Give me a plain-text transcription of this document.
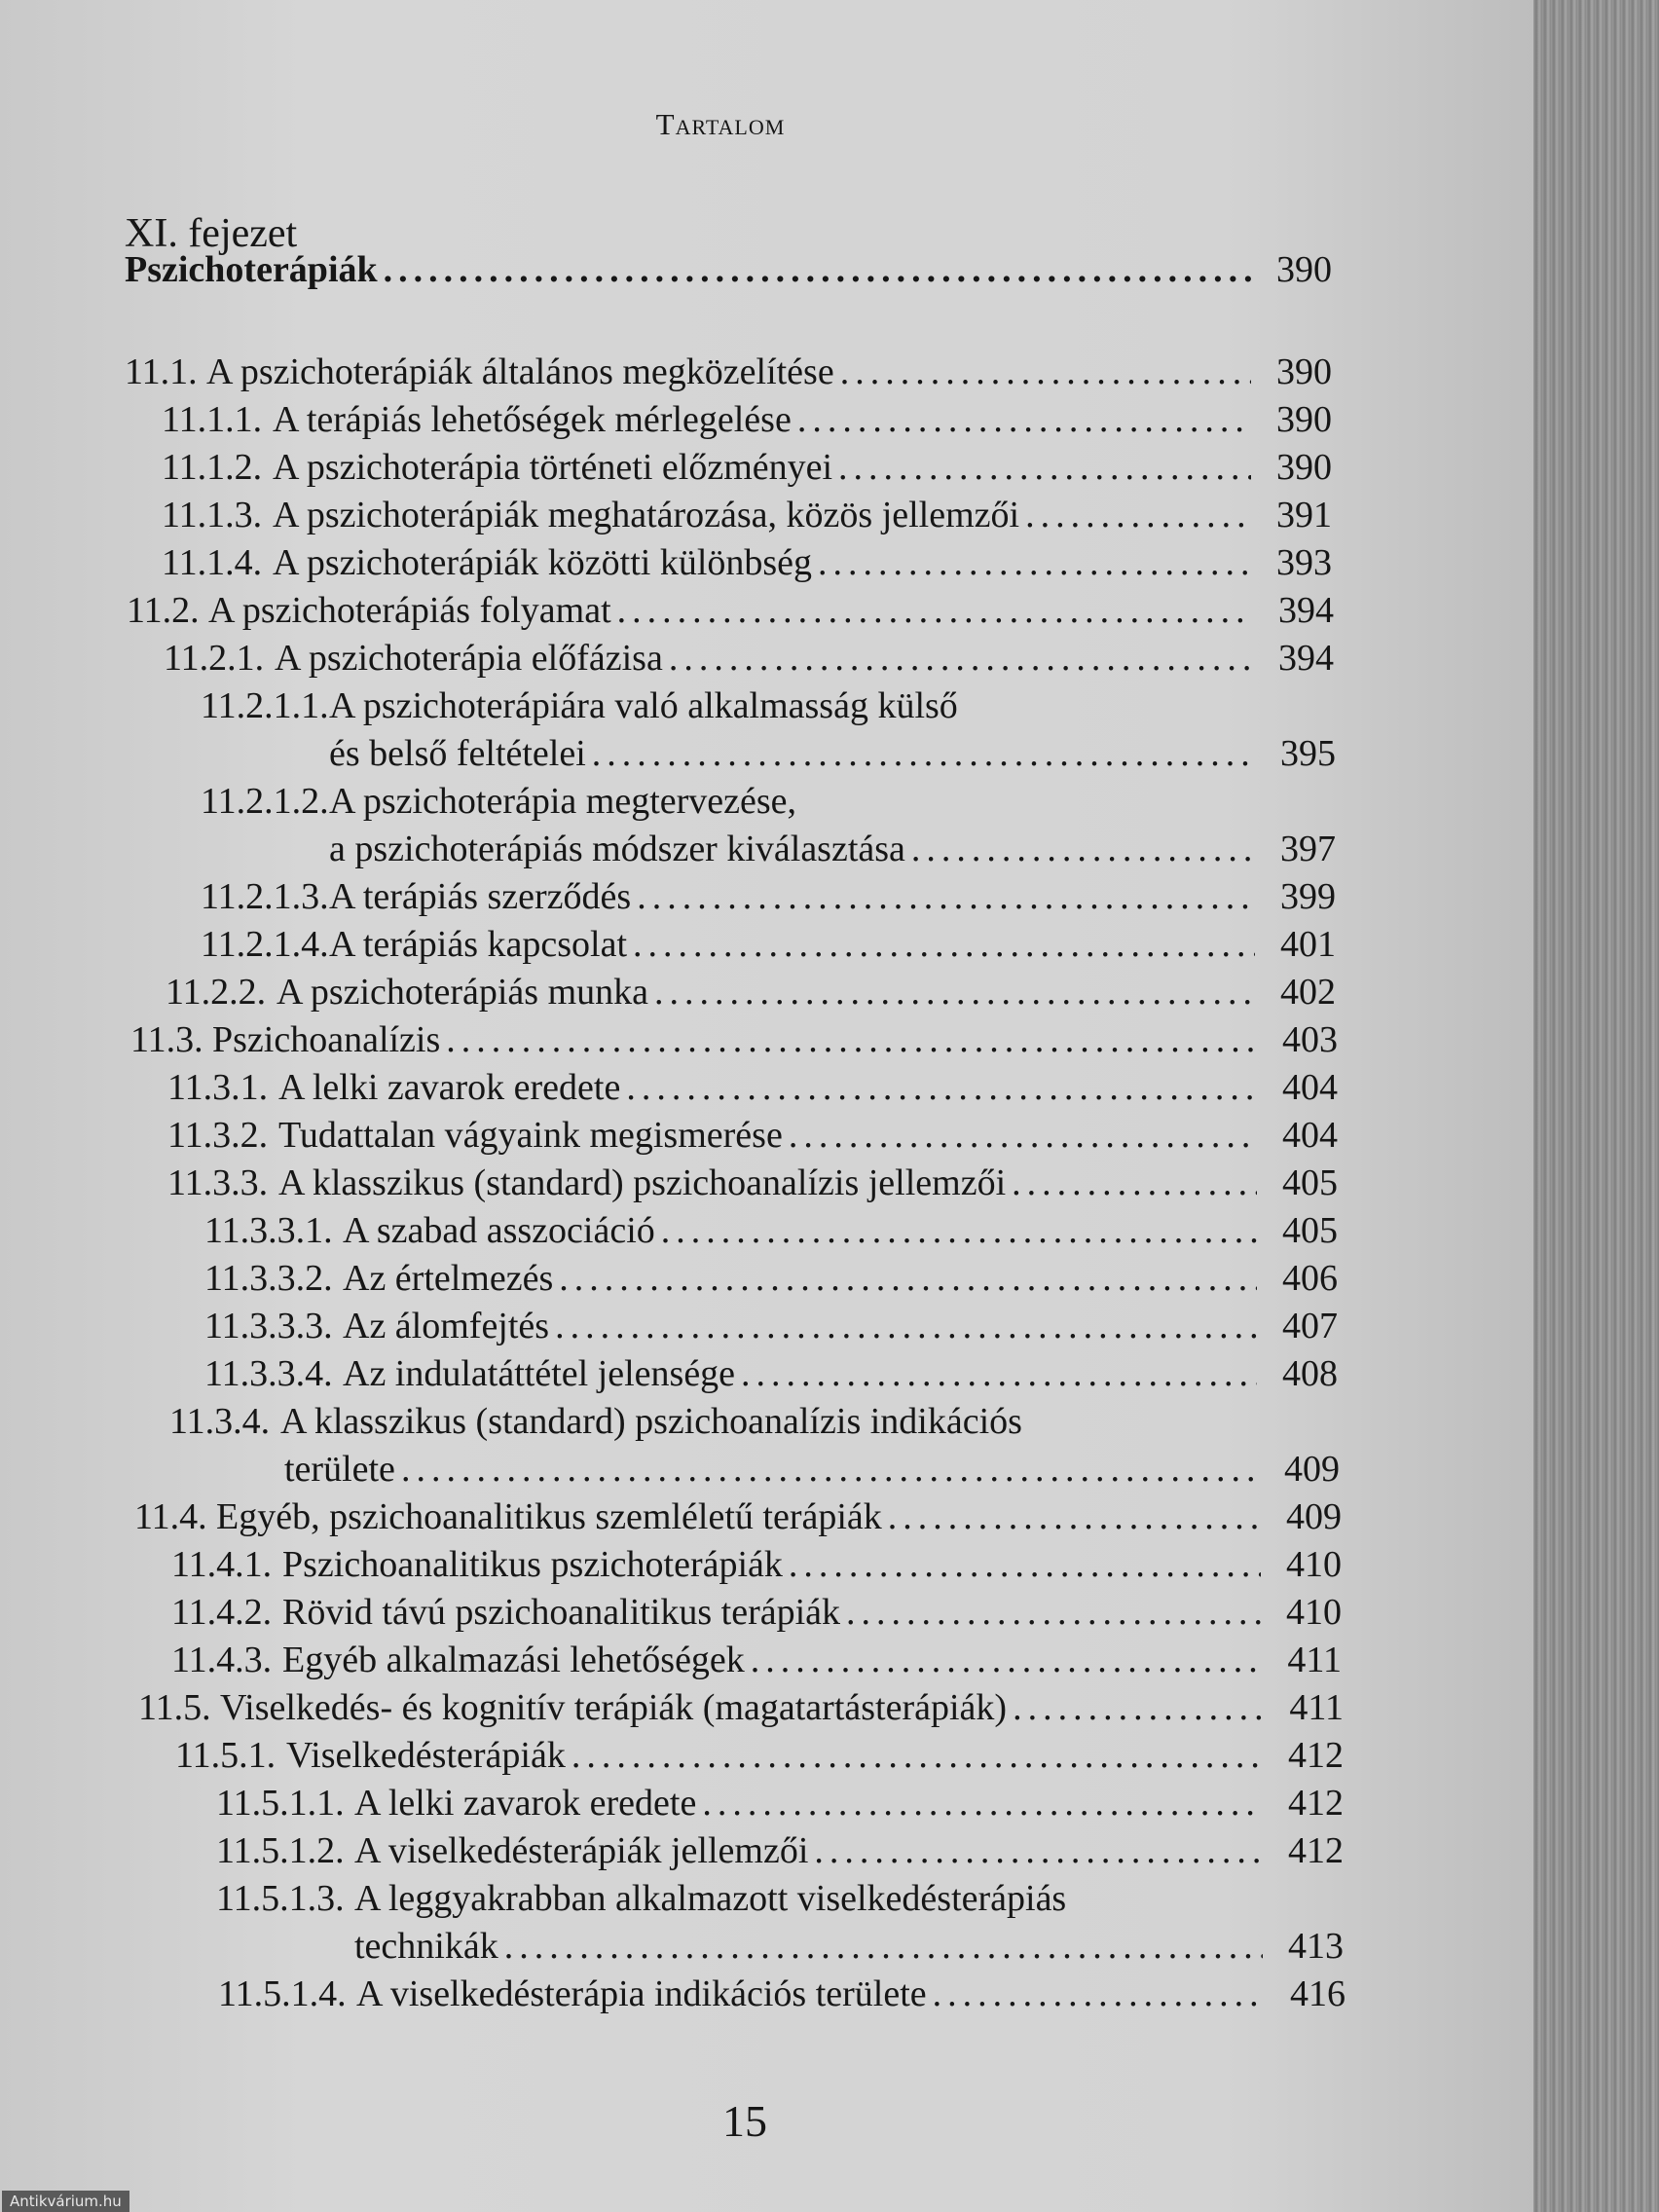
Tartalom
XI. fejezet
Pszichoterápiák .....	390
11.1. A pszichoterápiák általános megközelítése .....	390
11.1.1. A terápiás lehetőségek mérlegelése .....	390
11.1.2. A pszichoterápia történeti előzményei .....	390
11.1.3. A pszichoterápiák meghatározása, közös jellemzői .....	391
11.1.4. A pszichoterápiák közötti különbség .....	393
11.2. A pszichoterápiás folyamat .....	394
11.2.1. A pszichoterápia előfázisa .....	394
11.2.1.1. A pszichoterápiára való alkalmasság külső
és belső feltételei .....	395
11.2.1.2. A pszichoterápia megtervezése,
a pszichoterápiás módszer kiválasztása .....	397
11.2.1.3. A terápiás szerződés .....	399
11.2.1.4. A terápiás kapcsolat .....	401
11.2.2. A pszichoterápiás munka .....	402
11.3. Pszichoanalízis .....	403
11.3.1. A lelki zavarok eredete .....	404
11.3.2. Tudattalan vágyaink megismerése .....	404
11.3.3. A klasszikus (standard) pszichoanalízis jellemzői .....	405
11.3.3.1. A szabad asszociáció .....	405
11.3.3.2. Az értelmezés .....	406
11.3.3.3. Az álomfejtés .....	407
11.3.3.4. Az indulatáttétel jelensége .....	408
11.3.4. A klasszikus (standard) pszichoanalízis indikációs
területe .....	409
11.4. Egyéb, pszichoanalitikus szemléletű terápiák .....	409
11.4.1. Pszichoanalitikus pszichoterápiák .....	410
11.4.2. Rövid távú pszichoanalitikus terápiák .....	410
11.4.3. Egyéb alkalmazási lehetőségek .....	411
11.5. Viselkedés- és kognitív terápiák (magatartásterápiák) .....	411
11.5.1. Viselkedésterápiák .....	412
11.5.1.1. A lelki zavarok eredete .....	412
11.5.1.2. A viselkedésterápiák jellemzői .....	412
11.5.1.3. A leggyakrabban alkalmazott viselkedésterápiás
technikák .....	413
11.5.1.4. A viselkedésterápia indikációs területe .....	416
15
Antikvárium.hu
